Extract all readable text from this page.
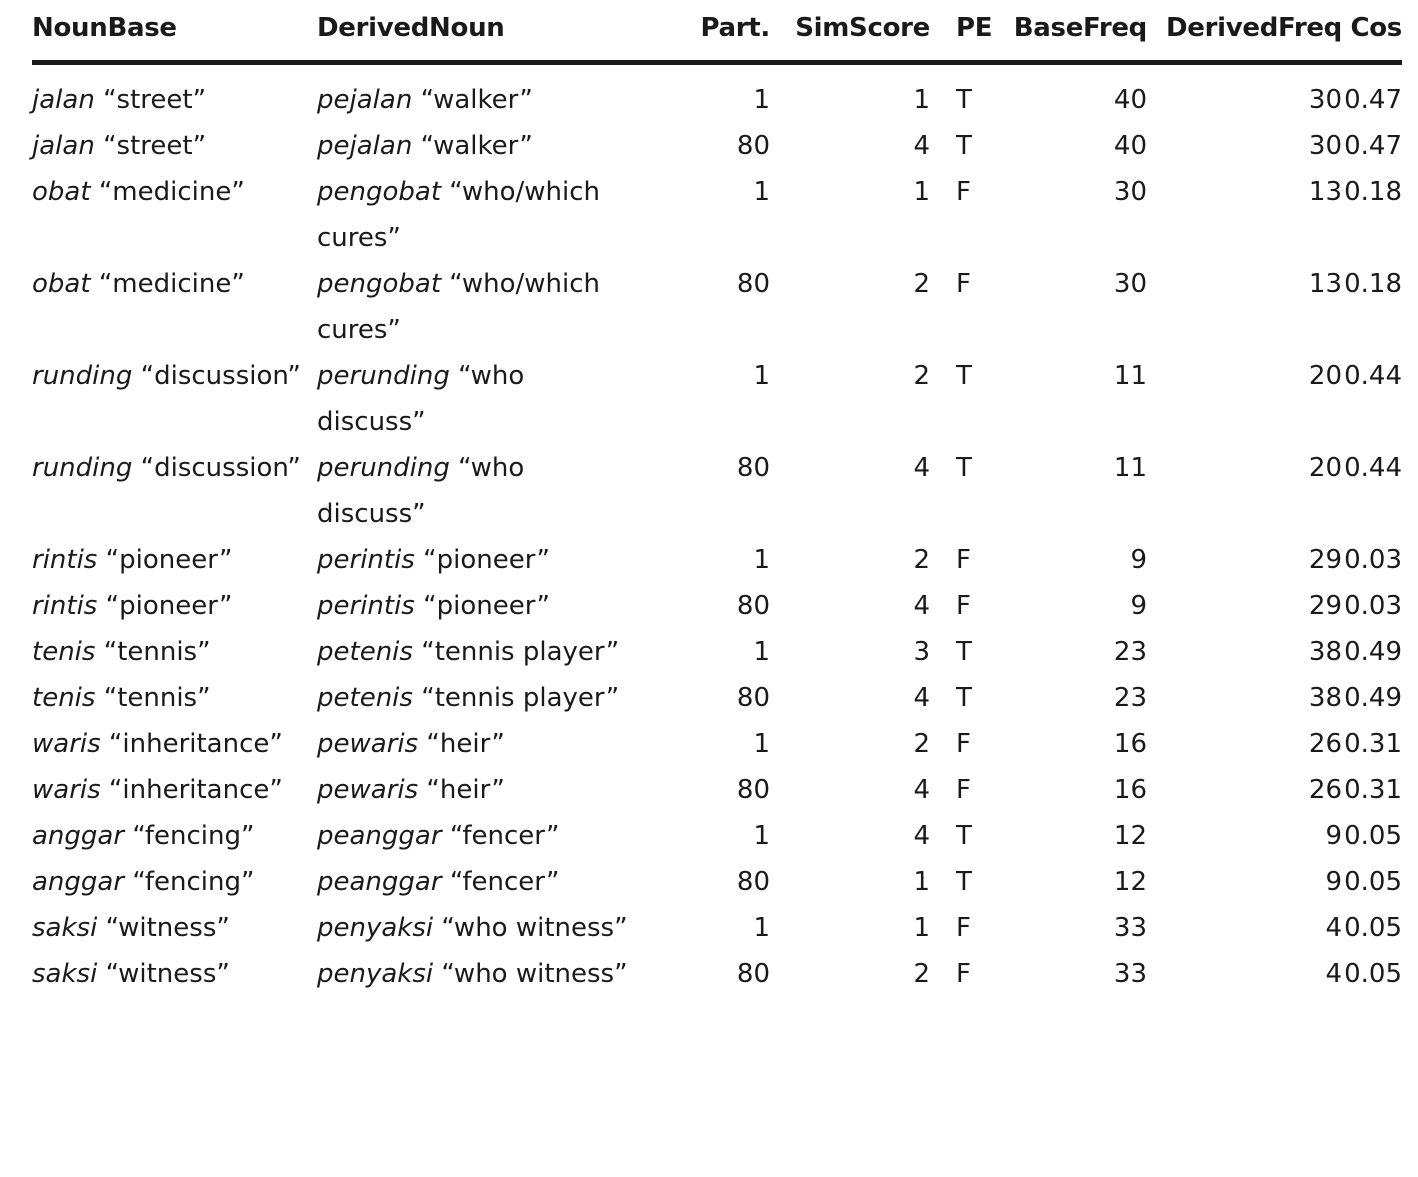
NounBase	DerivedNoun	Part.	SimScore	PE	BaseFreq	DerivedFreq	Cos
jalan “street”	pejalan “walker”	1	1	T	40	30	0.47
jalan “street”	pejalan “walker”	80	4	T	40	30	0.47
obat “medicine”	pengobat “who/which cures”	1	1	F	30	13	0.18
obat “medicine”	pengobat “who/which cures”	80	2	F	30	13	0.18
runding “discussion”	perunding “who discuss”	1	2	T	11	20	0.44
runding “discussion”	perunding “who discuss”	80	4	T	11	20	0.44
rintis “pioneer”	perintis “pioneer”	1	2	F	9	29	0.03
rintis “pioneer”	perintis “pioneer”	80	4	F	9	29	0.03
tenis “tennis”	petenis “tennis player”	1	3	T	23	38	0.49
tenis “tennis”	petenis “tennis player”	80	4	T	23	38	0.49
waris “inheritance”	pewaris “heir”	1	2	F	16	26	0.31
waris “inheritance”	pewaris “heir”	80	4	F	16	26	0.31
anggar “fencing”	peanggar “fencer”	1	4	T	12	9	0.05
anggar “fencing”	peanggar “fencer”	80	1	T	12	9	0.05
saksi “witness”	penyaksi “who witness”	1	1	F	33	4	0.05
saksi “witness”	penyaksi “who witness”	80	2	F	33	4	0.05
